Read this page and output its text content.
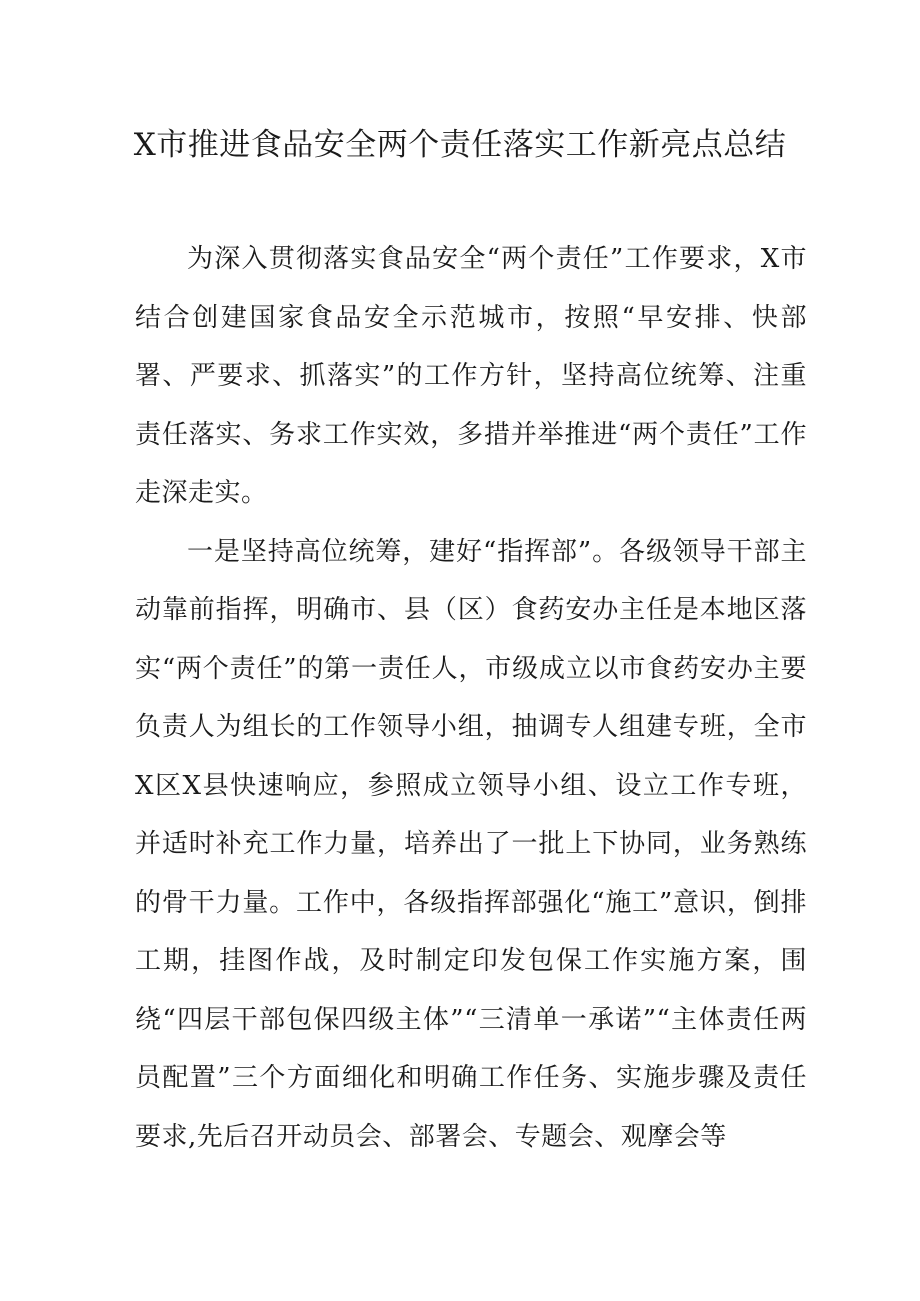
X市推进食品安全两个责任落实工作新亮点总结

为深入贯彻落实食品安全“两个责任”工作要求，X市结合创建国家食品安全示范城市，按照“早安排、快部署、严要求、抓落实”的工作方针，坚持高位统筹、注重责任落实、务求工作实效，多措并举推进“两个责任”工作走深走实。

一是坚持高位统筹，建好“指挥部”。各级领导干部主动靠前指挥，明确市、县（区）食药安办主任是本地区落实“两个责任”的第一责任人，市级成立以市食药安办主要负责人为组长的工作领导小组，抽调专人组建专班，全市X区X县快速响应，参照成立领导小组、设立工作专班，并适时补充工作力量，培养出了一批上下协同，业务熟练的骨干力量。工作中，各级指挥部强化“施工”意识，倒排工期，挂图作战，及时制定印发包保工作实施方案，围绕“四层干部包保四级主体”“三清单一承诺”“主体责任两员配置”三个方面细化和明确工作任务、实施步骤及责任要求,先后召开动员会、部署会、专题会、观摩会等
